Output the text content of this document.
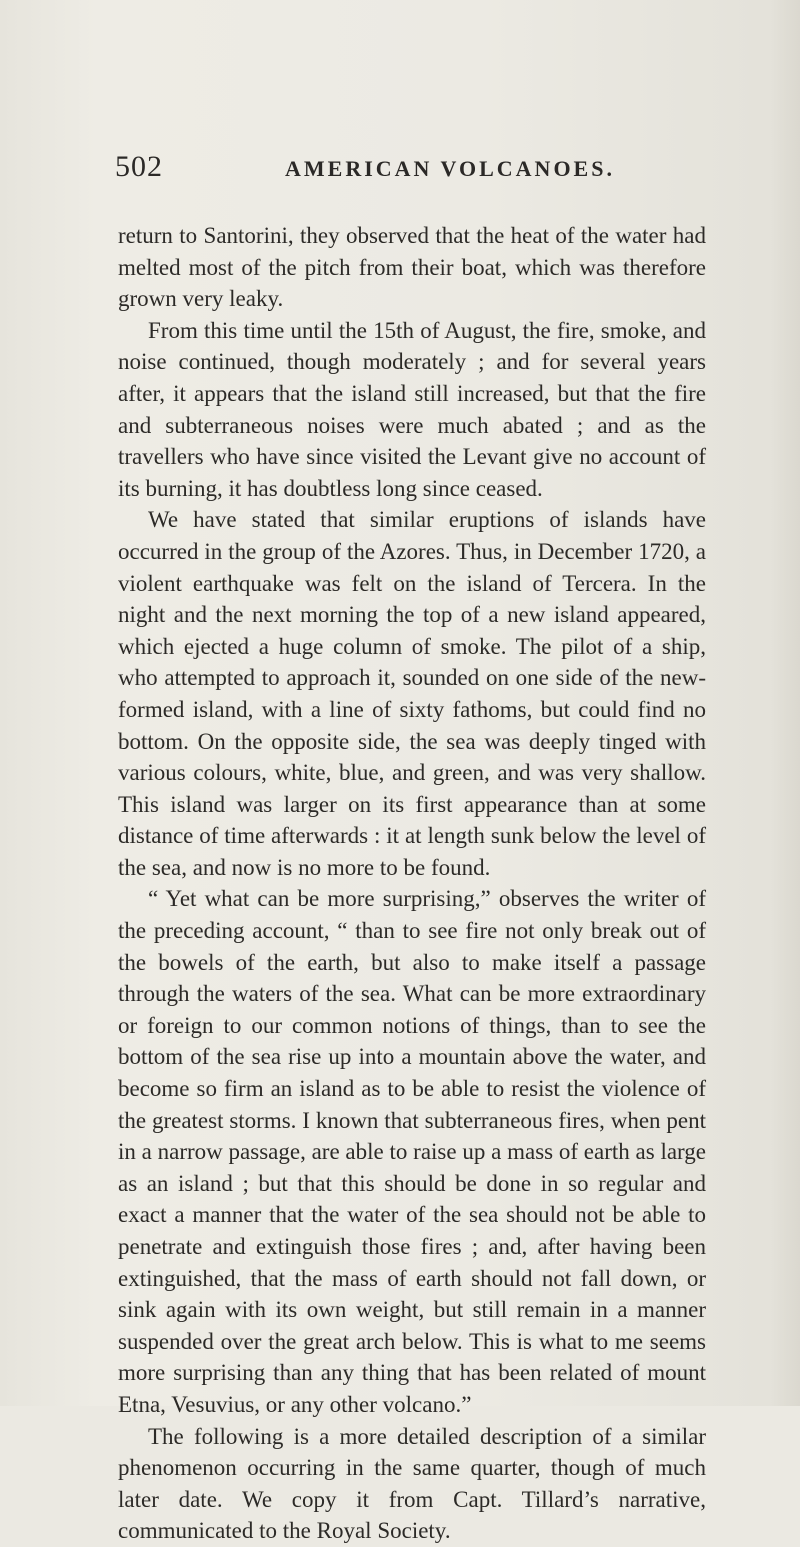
502	AMERICAN VOLCANOES.

return to Santorini, they observed that the heat of the water had melted most of the pitch from their boat, which was therefore grown very leaky.

From this time until the 15th of August, the fire, smoke, and noise continued, though moderately ; and for several years after, it appears that the island still increased, but that the fire and subterraneous noises were much abated ; and as the travellers who have since visited the Levant give no account of its burning, it has doubtless long since ceased.

We have stated that similar eruptions of islands have occurred in the group of the Azores. Thus, in December 1720, a violent earthquake was felt on the island of Tercera. In the night and the next morning the top of a new island appeared, which ejected a huge column of smoke. The pilot of a ship, who attempted to approach it, sounded on one side of the new-formed island, with a line of sixty fathoms, but could find no bottom. On the opposite side, the sea was deeply tinged with various colours, white, blue, and green, and was very shallow. This island was larger on its first appearance than at some distance of time afterwards : it at length sunk below the level of the sea, and now is no more to be found.

“ Yet what can be more surprising,” observes the writer of the preceding account, “ than to see fire not only break out of the bowels of the earth, but also to make itself a passage through the waters of the sea. What can be more extraordinary or foreign to our common notions of things, than to see the bottom of the sea rise up into a mountain above the water, and become so firm an island as to be able to resist the violence of the greatest storms. I known that subterraneous fires, when pent in a narrow passage, are able to raise up a mass of earth as large as an island ; but that this should be done in so regular and exact a manner that the water of the sea should not be able to penetrate and extinguish those fires ; and, after having been extinguished, that the mass of earth should not fall down, or sink again with its own weight, but still remain in a manner suspended over the great arch below. This is what to me seems more surprising than any thing that has been related of mount Etna, Vesuvius, or any other volcano.”

The following is a more detailed description of a similar phenomenon occurring in the same quarter, though of much later date. We copy it from Capt. Tillard’s narrative, communicated to the Royal Society.
